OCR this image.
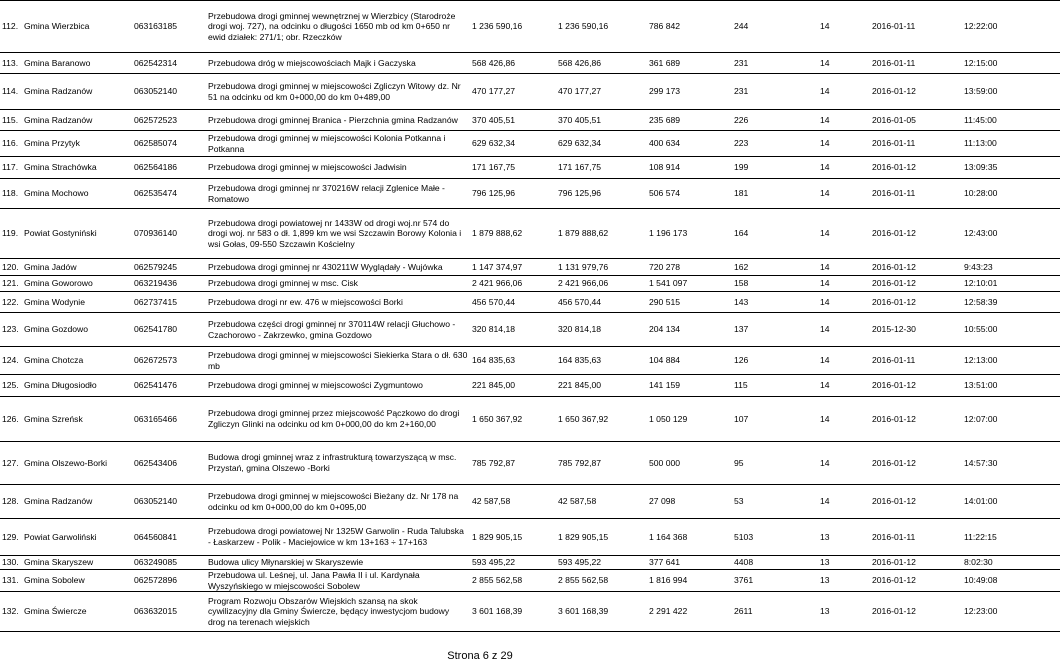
112.	Gmina Wierzbica	063163185	Przebudowa drogi gminnej wewnętrznej w Wierzbicy (Starodroże drogi woj. 727), na odcinku o długości 1650 mb od km 0+650 nr ewid działek: 271/1; obr. Rzeczków	1 236 590,16	1 236 590,16	786 842	244	14	2016-01-11	12:22:00
113.	Gmina Baranowo	062542314	Przebudowa dróg w miejscowościach Majk i Gaczyska	568 426,86	568 426,86	361 689	231	14	2016-01-11	12:15:00
114.	Gmina Radzanów	063052140	Przebudowa drogi gminnej w miejscowości Zgliczyn Witowy dz. Nr 51 na odcinku od km 0+000,00 do km 0+489,00	470 177,27	470 177,27	299 173	231	14	2016-01-12	13:59:00
115.	Gmina Radzanów	062572523	Przebudowa drogi gminnej Branica - Pierzchnia gmina Radzanów	370 405,51	370 405,51	235 689	226	14	2016-01-05	11:45:00
116.	Gmina Przytyk	062585074	Przebudowa drogi gminnej w miejscowości Kolonia Potkanna i Potkanna	629 632,34	629 632,34	400 634	223	14	2016-01-11	11:13:00
117.	Gmina Strachówka	062564186	Przebudowa drogi gminnej w miejscowości Jadwisin	171 167,75	171 167,75	108 914	199	14	2016-01-12	13:09:35
118.	Gmina Mochowo	062535474	Przebudowa drogi gminnej nr 370216W relacji Zglenice Małe - Romatowo	796 125,96	796 125,96	506 574	181	14	2016-01-11	10:28:00
119.	Powiat Gostyniński	070936140	Przebudowa drogi powiatowej nr 1433W od drogi woj.nr 574 do drogi woj. nr 583 o dł. 1,899 km we wsi Szczawin Borowy Kolonia i wsi Gołas, 09-550 Szczawin Kościelny	1 879 888,62	1 879 888,62	1 196 173	164	14	2016-01-12	12:43:00
120.	Gmina Jadów	062579245	Przebudowa drogi gminnej nr 430211W Wyglądały - Wujówka	1 147 374,97	1 131 979,76	720 278	162	14	2016-01-12	9:43:23
121.	Gmina Goworowo	063219436	Przebudowa drogi gminnej w msc. Cisk	2 421 966,06	2 421 966,06	1 541 097	158	14	2016-01-12	12:10:01
122.	Gmina Wodynie	062737415	Przebudowa drogi nr ew. 476 w miejscowości Borki	456 570,44	456 570,44	290 515	143	14	2016-01-12	12:58:39
123.	Gmina Gozdowo	062541780	Przebudowa części drogi gminnej nr 370114W relacji Głuchowo - Czachorowo - Zakrzewko, gmina Gozdowo	320 814,18	320 814,18	204 134	137	14	2015-12-30	10:55:00
124.	Gmina Chotcza	062672573	Przebudowa drogi gminnej w miejscowości Siekierka Stara o dł. 630 mb	164 835,63	164 835,63	104 884	126	14	2016-01-11	12:13:00
125.	Gmina Długosiodło	062541476	Przebudowa drogi gminnej w miejscowości Zygmuntowo	221 845,00	221 845,00	141 159	115	14	2016-01-12	13:51:00
126.	Gmina Szreńsk	063165466	Przebudowa drogi gminnej przez miejscowość Pączkowo do drogi Zgliczyn Glinki na odcinku od km 0+000,00 do km 2+160,00	1 650 367,92	1 650 367,92	1 050 129	107	14	2016-01-12	12:07:00
127.	Gmina Olszewo-Borki	062543406	Budowa drogi gminnej wraz z infrastrukturą towarzyszącą w msc. Przystań, gmina Olszewo -Borki	785 792,87	785 792,87	500 000	95	14	2016-01-12	14:57:30
128.	Gmina Radzanów	063052140	Przebudowa drogi gminnej w miejscowości Bieżany dz. Nr 178 na odcinku od km 0+000,00 do km 0+095,00	42 587,58	42 587,58	27 098	53	14	2016-01-12	14:01:00
129.	Powiat Garwoliński	064560841	Przebudowa drogi powiatowej Nr 1325W Garwolin - Ruda Talubska - Łaskarzew - Polik - Maciejowice w km 13+163 ÷ 17+163	1 829 905,15	1 829 905,15	1 164 368	5103	13	2016-01-11	11:22:15
130.	Gmina Skaryszew	063249085	Budowa ulicy Młynarskiej w Skaryszewie	593 495,22	593 495,22	377 641	4408	13	2016-01-12	8:02:30
131.	Gmina Sobolew	062572896	Przebudowa ul. Leśnej, ul. Jana Pawła II i ul. Kardynała Wyszyńskiego w miejscowości Sobolew	2 855 562,58	2 855 562,58	1 816 994	3761	13	2016-01-12	10:49:08
132.	Gmina Świercze	063632015	Program Rozwoju Obszarów Wiejskich szansą na skok cywilizacyjny dla Gminy Świercze, będący inwestycjom budowy drog na terenach wiejskich	3 601 168,39	3 601 168,39	2 291 422	2611	13	2016-01-12	12:23:00
Strona 6 z 29
